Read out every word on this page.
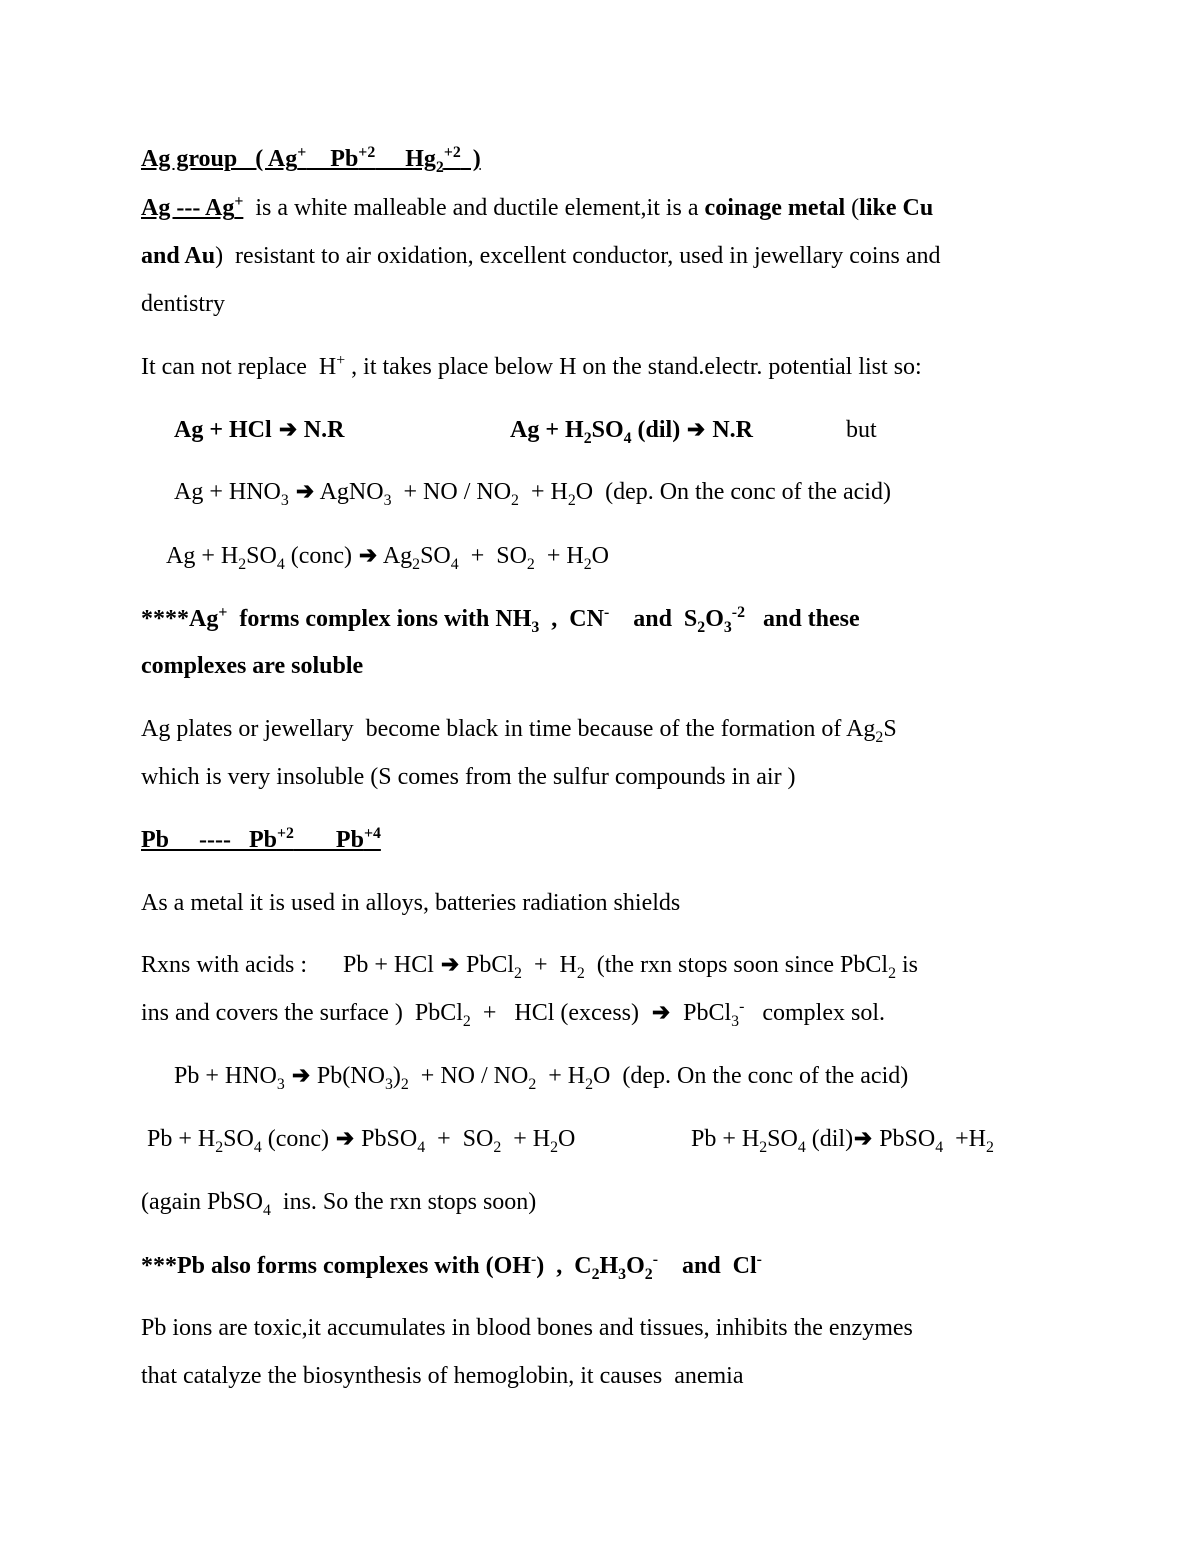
Ag group   ( Ag+    $Pb^{+2}$     $Hg_2^{+2}$  )

Ag --- Ag+  is a white malleable and ductile element,it is a coinage metal (like Cu

and Au)  resistant to air oxidation, excellent conductor, used in jewellary coins and

dentistry

It can not replace  H+ , it takes place below H on the stand.electr. potential list so:

Ag + HCl ➔ N.R	$Ag + H_2SO_4$ (dil) ➔ N.R	but

$Ag + HNO_3$ ➔ AgNO$_3$  + NO / $NO_2 + H_2O$  (dep. On the conc of the acid)

$Ag + H_2SO_4$ (conc) ➔ $Ag_2SO_4 + SO_2 + H_2O$

****Ag+  forms complex ions with $NH_3$  ,  CN-    and  $S_2O_3^{-2}$   and these

complexes are soluble

Ag plates or jewellary  become black in time because of the formation of $Ag_2S$

which is very insoluble (S comes from the sulfur compounds in air )

Pb     ----   $Pb^{+2}$       $Pb^{+4}$

As a metal it is used in alloys, batteries radiation shields

Rxns with acids :      Pb + HCl ➔ PbCl$_2$  +  $H_2$  (the rxn stops soon since PbCl$_2$ is

ins and covers the surface )  PbCl$_2$  +   HCl (excess)  ➔  PbCl$_3$-   complex sol.

$Pb + HNO_3$ ➔ $Pb(NO_3)_2$  + NO / $NO_2 + H_2O$  (dep. On the conc of the acid)

$Pb + H_2SO_4$ (conc) ➔ PbSO$_4$  +  $SO_2 + H_2O$	$Pb + H_2SO_4$ (dil)➔ PbSO$_4$  $+H_2$

(again PbSO$_4$  ins. So the rxn stops soon)

***Pb also forms complexes with (OH-)  ,  $C_2H_3O_2^-$    and  Cl-

Pb ions are toxic,it accumulates in blood bones and tissues, inhibits the enzymes

that catalyze the biosynthesis of hemoglobin, it causes  anemia
